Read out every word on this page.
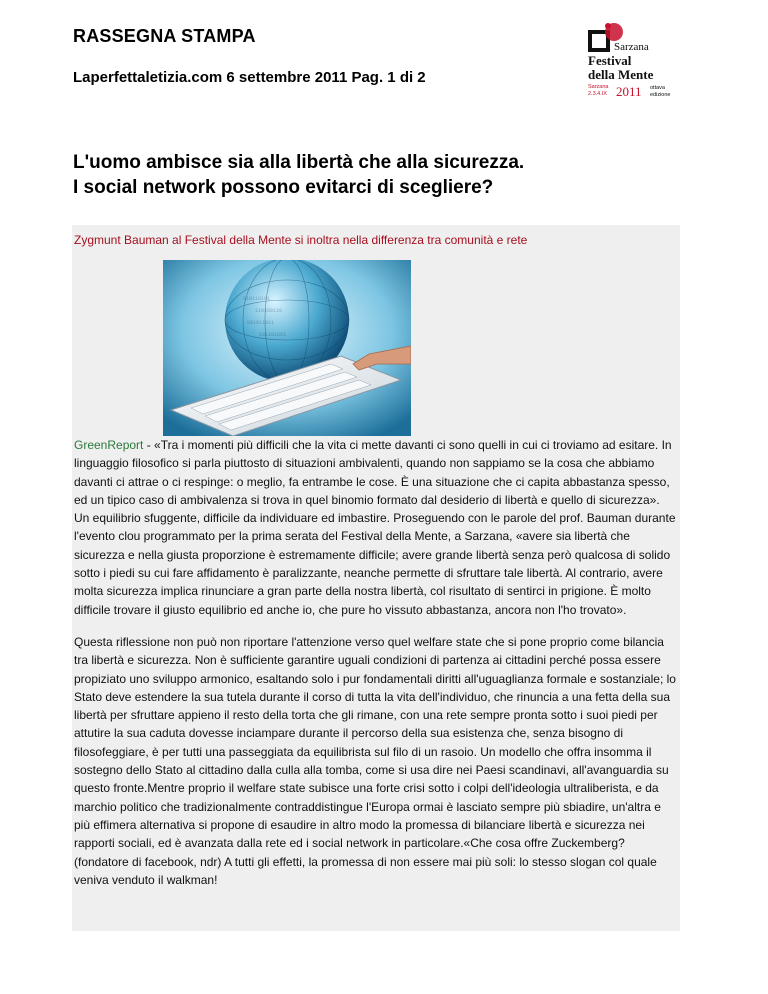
RASSEGNA STAMPA
Laperfettaletizia.com 6 settembre 2011 Pag. 1 di 2
Sarzana
Festival
della Mente
Sarzana
2.3.4.IX 2011 ottava
edizione
L'uomo ambisce sia alla libertà che alla sicurezza.
I social network possono evitarci di scegliere?
Zygmunt Bauman al Festival della Mente si inoltra nella differenza tra comunità e rete
010110101
110100110
001011011
101101001

GreenReport - «Tra i momenti più difficili che la vita ci mette davanti ci sono quelli in cui ci troviamo ad esitare. In linguaggio filosofico si parla piuttosto di situazioni ambivalenti, quando non sappiamo se la cosa che abbiamo davanti ci attrae o ci respinge: o meglio, fa entrambe le cose. È una situazione che ci capita abbastanza spesso, ed un tipico caso di ambivalenza si trova in quel binomio formato dal desiderio di libertà e quello di sicurezza». Un equilibrio sfuggente, difficile da individuare ed imbastire. Proseguendo con le parole del prof. Bauman durante l'evento clou programmato per la prima serata del Festival della Mente, a Sarzana, «avere sia libertà che sicurezza e nella giusta proporzione è estremamente difficile; avere grande libertà senza però qualcosa di solido sotto i piedi su cui fare affidamento è paralizzante, neanche permette di sfruttare tale libertà. Al contrario, avere molta sicurezza implica rinunciare a gran parte della nostra libertà, col risultato di sentirci in prigione. È molto difficile trovare il giusto equilibrio ed anche io, che pure ho vissuto abbastanza, ancora non l'ho trovato».

Questa riflessione non può non riportare l'attenzione verso quel welfare state che si pone proprio come bilancia tra libertà e sicurezza. Non è sufficiente garantire uguali condizioni di partenza ai cittadini perché possa essere propiziato uno sviluppo armonico, esaltando solo i pur fondamentali diritti all'uguaglianza formale e sostanziale; lo Stato deve estendere la sua tutela durante il corso di tutta la vita dell'individuo, che rinuncia a una fetta della sua libertà per sfruttare appieno il resto della torta che gli rimane, con una rete sempre pronta sotto i suoi piedi per attutire la sua caduta dovesse inciampare durante il percorso della sua esistenza che, senza bisogno di filosofeggiare, è per tutti una passeggiata da equilibrista sul filo di un rasoio. Un modello che offra insomma il sostegno dello Stato al cittadino dalla culla alla tomba, come si usa dire nei Paesi scandinavi, all'avanguardia su questo fronte.Mentre proprio il welfare state subisce una forte crisi sotto i colpi dell'ideologia ultraliberista, e da marchio politico che tradizionalmente contraddistingue l'Europa ormai è lasciato sempre più sbiadire, un'altra e più effimera alternativa si propone di esaudire in altro modo la promessa di bilanciare libertà e sicurezza nei rapporti sociali, ed è avanzata dalla rete ed i social network in particolare.«Che cosa offre Zuckemberg? (fondatore di facebook, ndr) A tutti gli effetti, la promessa di non essere mai più soli: lo stesso slogan col quale veniva venduto il walkman!
